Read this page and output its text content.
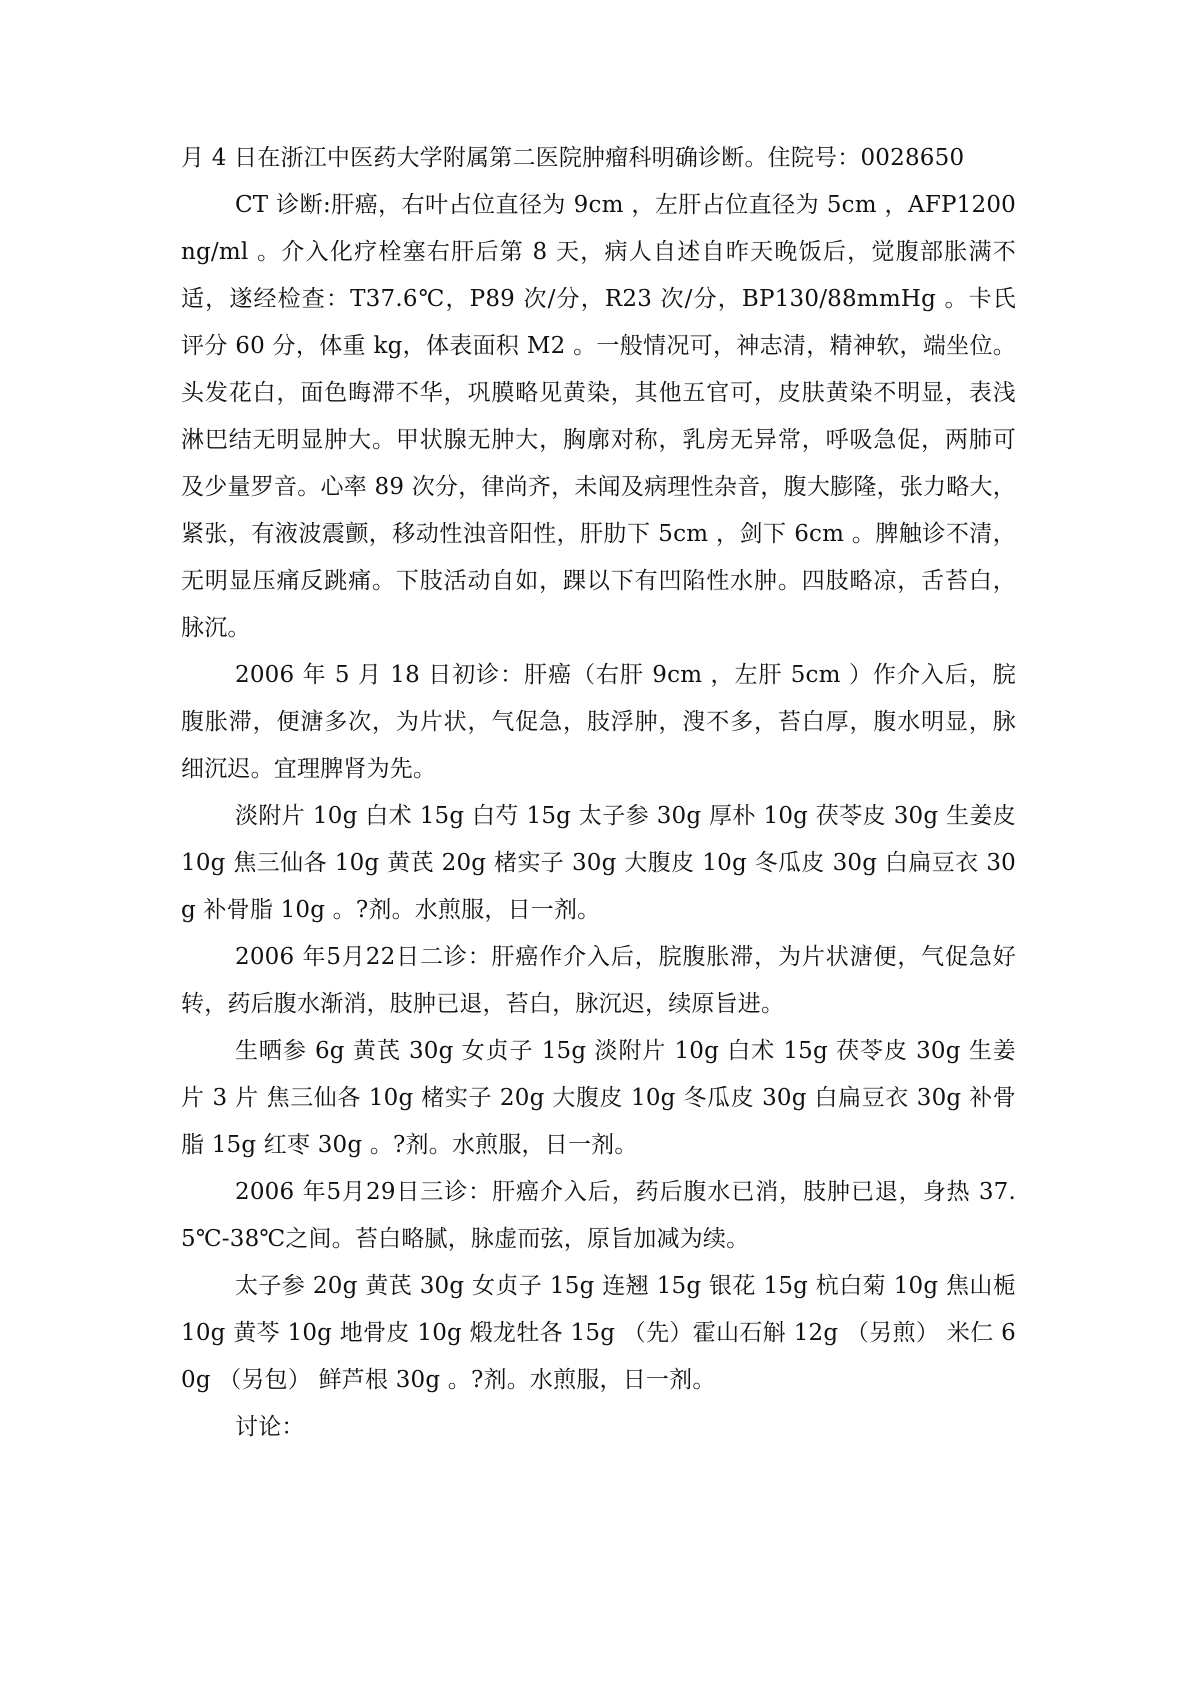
月 4 日在浙江中医药大学附属第二医院肿瘤科明确诊断。住院号：0028650

CT 诊断:肝癌，右叶占位直径为 9cm ，左肝占位直径为 5cm ，AFP1200ng/ml 。介入化疗栓塞右肝后第 8 天，病人自述自昨天晚饭后，觉腹部胀满不适，遂经检查：T37.6℃，P89 次/分，R23 次/分，BP130/88mmHg 。卡氏评分 60 分，体重 kg，体表面积 M2 。一般情况可，神志清，精神软，端坐位。头发花白，面色晦滞不华，巩膜略见黄染，其他五官可，皮肤黄染不明显，表浅淋巴结无明显肿大。甲状腺无肿大，胸廓对称，乳房无异常，呼吸急促，两肺可及少量罗音。心率 89 次分，律尚齐，未闻及病理性杂音，腹大膨隆，张力略大，紧张，有液波震颤，移动性浊音阳性，肝肋下 5cm ，剑下 6cm 。脾触诊不清，无明显压痛反跳痛。下肢活动自如，踝以下有凹陷性水肿。四肢略凉，舌苔白，脉沉。

2006 年 5 月 18 日初诊：肝癌（右肝 9cm ，左肝 5cm ）作介入后，脘腹胀滞，便溏多次，为片状，气促急，肢浮肿，溲不多，苔白厚，腹水明显，脉细沉迟。宜理脾肾为先。

淡附片 10g 白术 15g 白芍 15g 太子参 30g 厚朴 10g 茯苓皮 30g 生姜皮 10g 焦三仙各 10g 黄芪 20g 楮实子 30g 大腹皮 10g 冬瓜皮 30g 白扁豆衣 30g 补骨脂 10g 。?剂。水煎服，日一剂。

2006 年5月22日二诊：肝癌作介入后，脘腹胀滞，为片状溏便，气促急好转，药后腹水渐消，肢肿已退，苔白，脉沉迟，续原旨进。

生晒参 6g 黄芪 30g 女贞子 15g 淡附片 10g 白术 15g 茯苓皮 30g 生姜片 3 片 焦三仙各 10g 楮实子 20g 大腹皮 10g 冬瓜皮 30g 白扁豆衣 30g 补骨脂 15g 红枣 30g 。?剂。水煎服，日一剂。

2006 年5月29日三诊：肝癌介入后，药后腹水已消，肢肿已退，身热 37.5℃-38℃之间。苔白略腻，脉虚而弦，原旨加减为续。

太子参 20g 黄芪 30g 女贞子 15g 连翘 15g 银花 15g 杭白菊 10g 焦山栀 10g 黄芩 10g 地骨皮 10g 煅龙牡各 15g （先）霍山石斛 12g （另煎） 米仁 60g （另包） 鲜芦根 30g 。?剂。水煎服，日一剂。

讨论：
